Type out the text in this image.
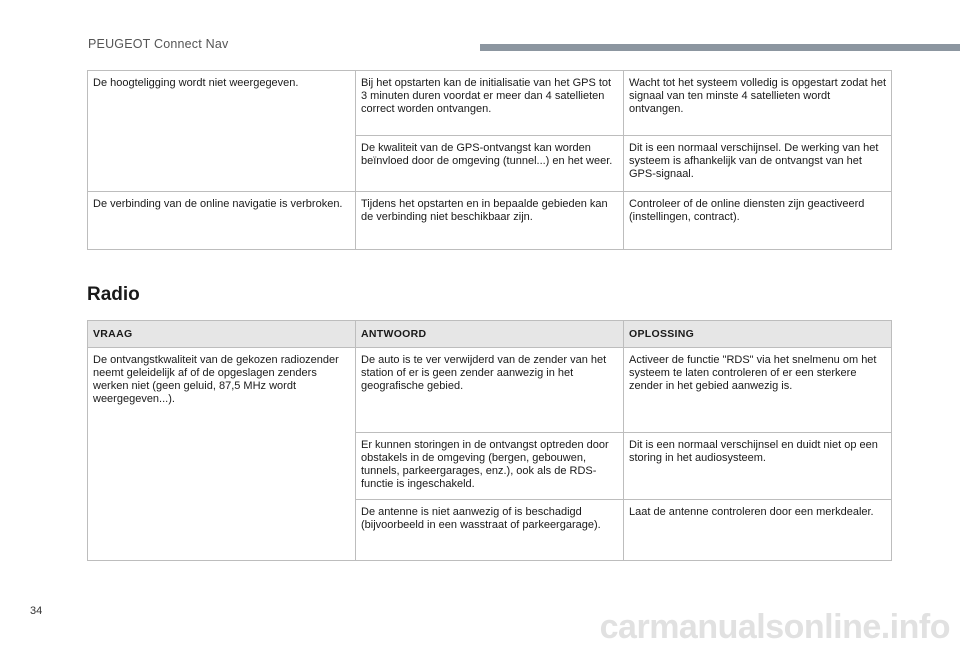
PEUGEOT Connect Nav
De hoogteligging wordt niet weergegeven.	Bij het opstarten kan de initialisatie van het GPS tot 3 minuten duren voordat er meer dan 4 satellieten correct worden ontvangen.	Wacht tot het systeem volledig is opgestart zodat het signaal van ten minste 4 satellieten wordt ontvangen.
	De kwaliteit van de GPS-ontvangst kan worden beïnvloed door de omgeving (tunnel...) en het weer.	Dit is een normaal verschijnsel. De werking van het systeem is afhankelijk van de ontvangst van het GPS-signaal.
De verbinding van de online navigatie is verbroken.	Tijdens het opstarten en in bepaalde gebieden kan de verbinding niet beschikbaar zijn.	Controleer of de online diensten zijn geactiveerd (instellingen, contract).
Radio
VRAAG	ANTWOORD	OPLOSSING
De ontvangstkwaliteit van de gekozen radiozender neemt geleidelijk af of de opgeslagen zenders werken niet (geen geluid, 87,5 MHz wordt weergegeven...).	De auto is te ver verwijderd van de zender van het station of er is geen zender aanwezig in het geografische gebied.	Activeer de functie "RDS" via het snelmenu om het systeem te laten controleren of er een sterkere zender in het gebied aanwezig is.
	Er kunnen storingen in de ontvangst optreden door obstakels in de omgeving (bergen, gebouwen, tunnels, parkeergarages, enz.), ook als de RDS-functie is ingeschakeld.	Dit is een normaal verschijnsel en duidt niet op een storing in het audiosysteem.
	De antenne is niet aanwezig of is beschadigd (bijvoorbeeld in een wasstraat of parkeergarage).	Laat de antenne controleren door een merkdealer.
34	carmanualsonline.info
